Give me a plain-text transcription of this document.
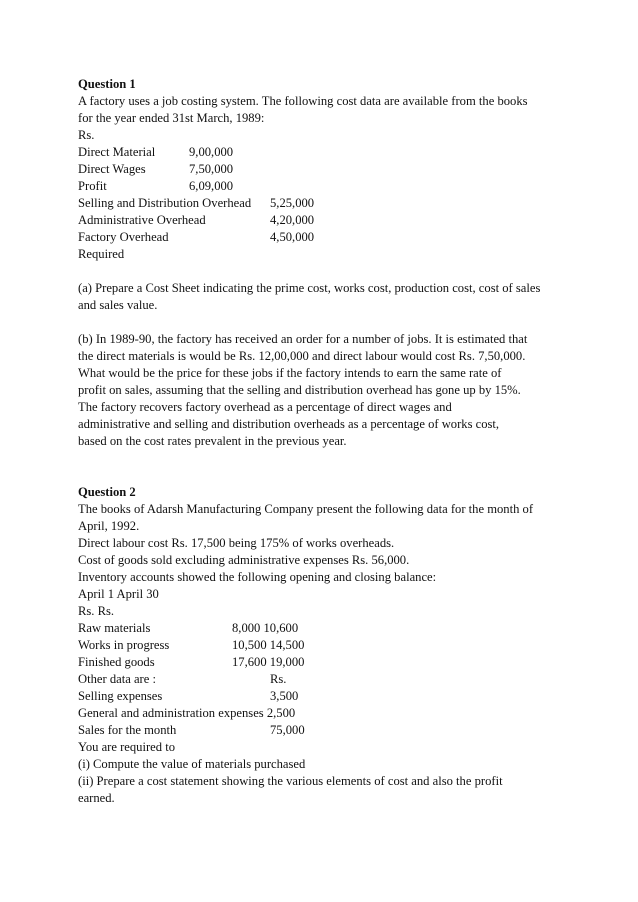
Question 1
A factory uses a job costing system. The following cost data are available from the books
for the year ended 31st March, 1989:
Rs.
Direct Material	9,00,000
Direct Wages	7,50,000
Profit	6,09,000
Selling and Distribution Overhead 5,25,000
Administrative Overhead	4,20,000
Factory Overhead	4,50,000
Required
(a) Prepare a Cost Sheet indicating the prime cost, works cost, production cost, cost of sales
and sales value.
(b) In 1989-90, the factory has received an order for a number of jobs. It is estimated that
the direct materials is would be Rs. 12,00,000 and direct labour would cost Rs. 7,50,000.
What would be the price for these jobs if the factory intends to earn the same rate of
profit on sales, assuming that the selling and distribution overhead has gone up by 15%.
The factory recovers factory overhead as a percentage of direct wages and
administrative and selling and distribution overheads as a percentage of works cost,
based on the cost rates prevalent in the previous year.
Question 2
The books of Adarsh Manufacturing Company present the following data for the month of
April, 1992.
Direct labour cost Rs. 17,500 being 175% of works overheads.
Cost of goods sold excluding administrative expenses Rs. 56,000.
Inventory accounts showed the following opening and closing balance:
April 1 April 30
Rs. Rs.
Raw materials	8,000 10,600
Works in progress	10,500 14,500
Finished goods	17,600 19,000
Other data are :	Rs.
Selling expenses	3,500
General and administration expenses 2,500
Sales for the month	75,000
You are required to
(i) Compute the value of materials purchased
(ii) Prepare a cost statement showing the various elements of cost and also the profit
earned.
